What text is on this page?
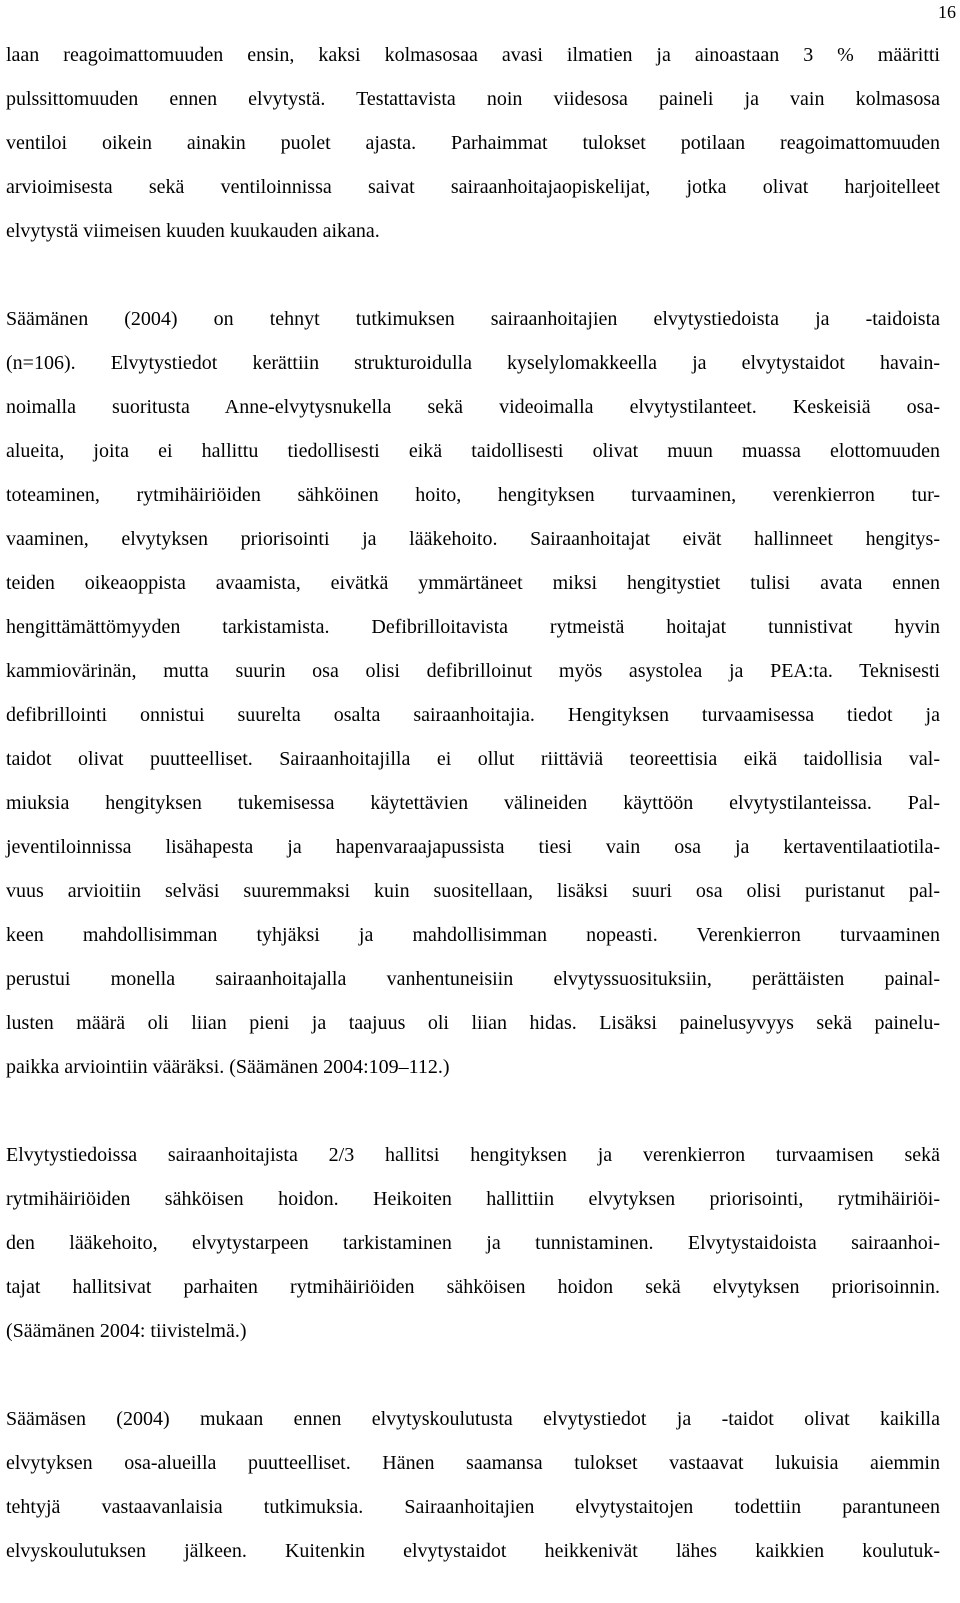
16
laan reagoimattomuuden ensin, kaksi kolmasosaa avasi ilmatien ja ainoastaan 3 % määritti
pulssittomuuden ennen elvytystä. Testattavista noin viidesosa paineli ja vain kolmasosa
ventiloi oikein ainakin puolet ajasta. Parhaimmat tulokset potilaan reagoimattomuuden
arvioimisesta sekä ventiloinnissa saivat sairaanhoitajaopiskelijat, jotka olivat harjoitelleet
elvytystä viimeisen kuuden kuukauden aikana.
Säämänen (2004) on tehnyt tutkimuksen sairaanhoitajien elvytystiedoista ja -taidoista
(n=106). Elvytystiedot kerättiin strukturoidulla kyselylomakkeella ja elvytystaidot havain-
noimalla suoritusta Anne-elvytysnukella sekä videoimalla elvytystilanteet. Keskeisiä osa-
alueita, joita ei hallittu tiedollisesti eikä taidollisesti olivat muun muassa elottomuuden
toteaminen, rytmihäiriöiden sähköinen hoito, hengityksen turvaaminen, verenkierron tur-
vaaminen, elvytyksen priorisointi ja lääkehoito. Sairaanhoitajat eivät hallinneet hengitys-
teiden oikeaoppista avaamista, eivätkä ymmärtäneet miksi hengitystiet tulisi avata ennen
hengittämättömyyden tarkistamista. Defibrilloitavista rytmeistä hoitajat tunnistivat hyvin
kammiovärinän, mutta suurin osa olisi defibrilloinut myös asystolea ja PEA:ta. Teknisesti
defibrillointi onnistui suurelta osalta sairaanhoitajia. Hengityksen turvaamisessa tiedot ja
taidot olivat puutteelliset. Sairaanhoitajilla ei ollut riittäviä teoreettisia eikä taidollisia val-
miuksia hengityksen tukemisessa käytettävien välineiden käyttöön elvytystilanteissa. Pal-
jeventiloinnissa lisähapesta ja hapenvaraajapussista tiesi vain osa ja kertaventilaatiotila-
vuus arvioitiin selväsi suuremmaksi kuin suositellaan, lisäksi suuri osa olisi puristanut pal-
keen mahdollisimman tyhjäksi ja mahdollisimman nopeasti. Verenkierron turvaaminen
perustui monella sairaanhoitajalla vanhentuneisiin elvytyssuosituksiin, perättäisten painal-
lusten määrä oli liian pieni ja taajuus oli liian hidas. Lisäksi painelusyvyys sekä painelu-
paikka arviointiin vääräksi. (Säämänen 2004:109–112.)
Elvytystiedoissa sairaanhoitajista 2/3 hallitsi hengityksen ja verenkierron turvaamisen sekä
rytmihäiriöiden sähköisen hoidon. Heikoiten hallittiin elvytyksen priorisointi, rytmihäiriöi-
den lääkehoito, elvytystarpeen tarkistaminen ja tunnistaminen. Elvytystaidoista sairaanhoi-
tajat hallitsivat parhaiten rytmihäiriöiden sähköisen hoidon sekä elvytyksen priorisoinnin.
(Säämänen 2004: tiivistelmä.)
Säämäsen (2004) mukaan ennen elvytyskoulutusta elvytystiedot ja -taidot olivat kaikilla
elvytyksen osa-alueilla puutteelliset. Hänen saamansa tulokset vastaavat lukuisia aiemmin
tehtyjä vastaavanlaisia tutkimuksia. Sairaanhoitajien elvytystaitojen todettiin parantuneen
elvyskoulutuksen jälkeen. Kuitenkin elvytystaidot heikkenivät lähes kaikkien koulutuk-
